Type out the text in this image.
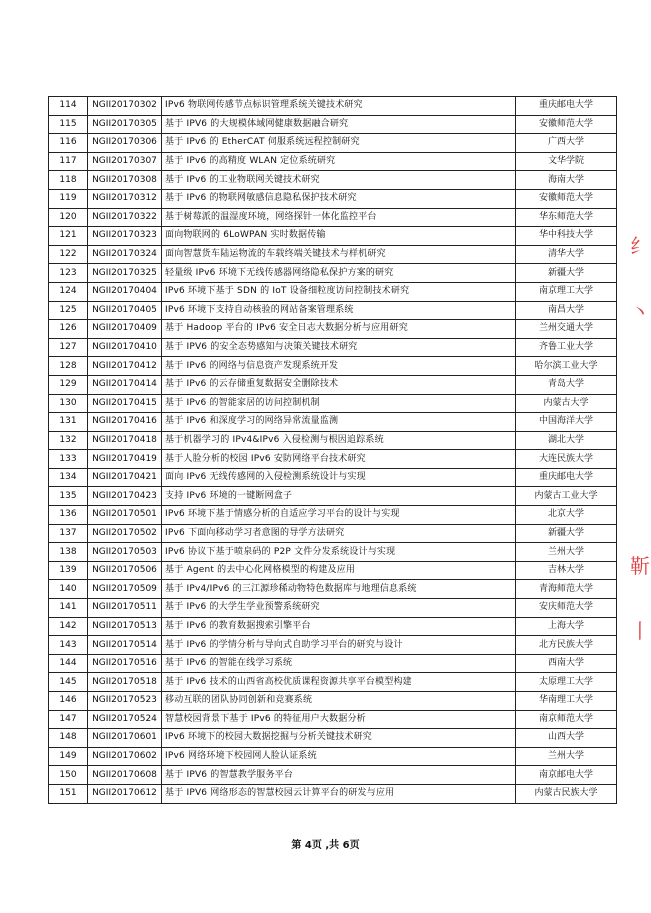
114	NGII20170302	IPv6 物联网传感节点标识管理系统关键技术研究	重庆邮电大学
115	NGII20170305	基于 IPV6 的大规模体域网健康数据融合研究	安徽师范大学
116	NGII20170306	基于 IPv6 的 EtherCAT 伺服系统远程控制研究	广西大学
117	NGII20170307	基于 IPv6 的高精度 WLAN 定位系统研究	文华学院
118	NGII20170308	基于 IPv6 的工业物联网关键技术研究	海南大学
119	NGII20170312	基于 IPv6 的物联网敏感信息隐私保护技术研究	安徽师范大学
120	NGII20170322	基于树莓派的温湿度环境，网络探针一体化监控平台	华东师范大学
121	NGII20170323	面向物联网的 6LoWPAN 实时数据传输	华中科技大学
122	NGII20170324	面向智慧货车陆运物流的车载终端关键技术与样机研究	清华大学
123	NGII20170325	轻量级 IPv6 环境下无线传感器网络隐私保护方案的研究	新疆大学
124	NGII20170404	IPv6 环境下基于 SDN 的 IoT 设备细粒度访问控制技术研究	南京理工大学
125	NGII20170405	IPv6 环境下支持自动核验的网站备案管理系统	南昌大学
126	NGII20170409	基于 Hadoop 平台的 IPv6 安全日志大数据分析与应用研究	兰州交通大学
127	NGII20170410	基于 IPV6 的安全态势感知与决策关键技术研究	齐鲁工业大学
128	NGII20170412	基于 IPv6 的网络与信息资产发现系统开发	哈尔滨工业大学
129	NGII20170414	基于 IPv6 的云存储重复数据安全删除技术	青岛大学
130	NGII20170415	基于 IPv6 的智能家居的访问控制机制	内蒙古大学
131	NGII20170416	基于 IPv6 和深度学习的网络异常流量监测	中国海洋大学
132	NGII20170418	基于机器学习的 IPv4&IPv6 入侵检测与根因追踪系统	湖北大学
133	NGII20170419	基于人脸分析的校园 IPv6 安防网络平台技术研究	大连民族大学
134	NGII20170421	面向 IPv6 无线传感网的入侵检测系统设计与实现	重庆邮电大学
135	NGII20170423	支持 IPv6 环境的一键断网盒子	内蒙古工业大学
136	NGII20170501	IPv6 环境下基于情感分析的自适应学习平台的设计与实现	北京大学
137	NGII20170502	IPv6 下面向移动学习者意图的导学方法研究	新疆大学
138	NGII20170503	IPv6 协议下基于喷泉码的 P2P 文件分发系统设计与实现	兰州大学
139	NGII20170506	基于 Agent 的去中心化网格模型的构建及应用	吉林大学
140	NGII20170509	基于 IPv4/IPv6 的三江源珍稀动物特色数据库与地理信息系统	青海师范大学
141	NGII20170511	基于 IPv6 的大学生学业预警系统研究	安庆师范大学
142	NGII20170513	基于 IPv6 的教育数据搜索引擎平台	上海大学
143	NGII20170514	基于 IPv6 的学情分析与导向式自助学习平台的研究与设计	北方民族大学
144	NGII20170516	基于 IPv6 的智能在线学习系统	西南大学
145	NGII20170518	基于 IPv6 技术的山西省高校优质课程资源共享平台模型构建	太原理工大学
146	NGII20170523	移动互联的团队协同创新和竞赛系统	华南理工大学
147	NGII20170524	智慧校园背景下基于 IPv6 的特征用户大数据分析	南京师范大学
148	NGII20170601	IPv6 环境下的校园大数据挖掘与分析关键技术研究	山西大学
149	NGII20170602	IPv6 网络环境下校园网人脸认证系统	兰州大学
150	NGII20170608	基于 IPV6 的智慧教学服务平台	南京邮电大学
151	NGII20170612	基于 IPV6 网络形态的智慧校园云计算平台的研发与应用	内蒙古民族大学
纟
丶
靳
丨
第 4页 ,共 6页
